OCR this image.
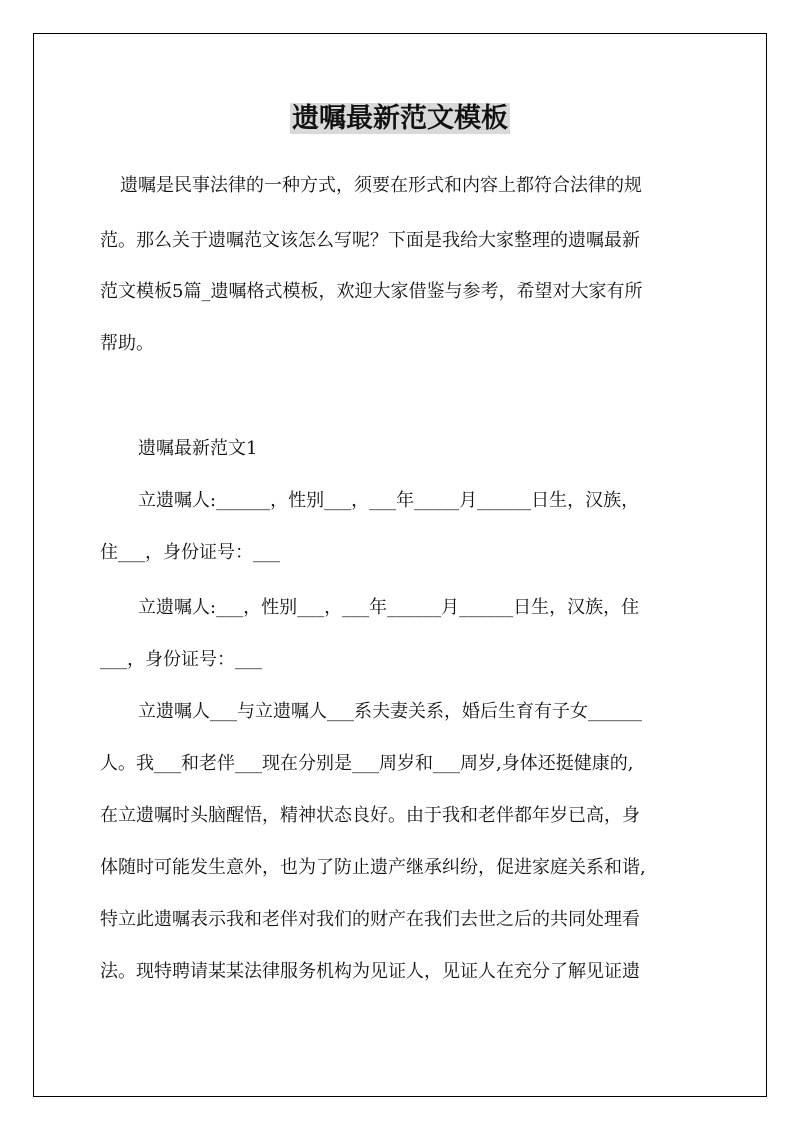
遗嘱最新范文模板
遗嘱是民事法律的一种方式，须要在形式和内容上都符合法律的规
范。那么关于遗嘱范文该怎么写呢？下面是我给大家整理的遗嘱最新
范文模板5篇_遗嘱格式模板，欢迎大家借鉴与参考，希望对大家有所
帮助。
遗嘱最新范文1
立遗嘱人:______，性别___，___年_____月______日生，汉族，
住___，身份证号：___
立遗嘱人:___，性别___，___年______月______日生，汉族，住
___，身份证号：___
立遗嘱人___与立遗嘱人___系夫妻关系，婚后生育有子女______
人。我___和老伴___现在分别是___周岁和___周岁,身体还挺健康的,
在立遗嘱时头脑醒悟，精神状态良好。由于我和老伴都年岁已高，身
体随时可能发生意外，也为了防止遗产继承纠纷，促进家庭关系和谐,
特立此遗嘱表示我和老伴对我们的财产在我们去世之后的共同处理看
法。现特聘请某某法律服务机构为见证人，见证人在充分了解见证遗
